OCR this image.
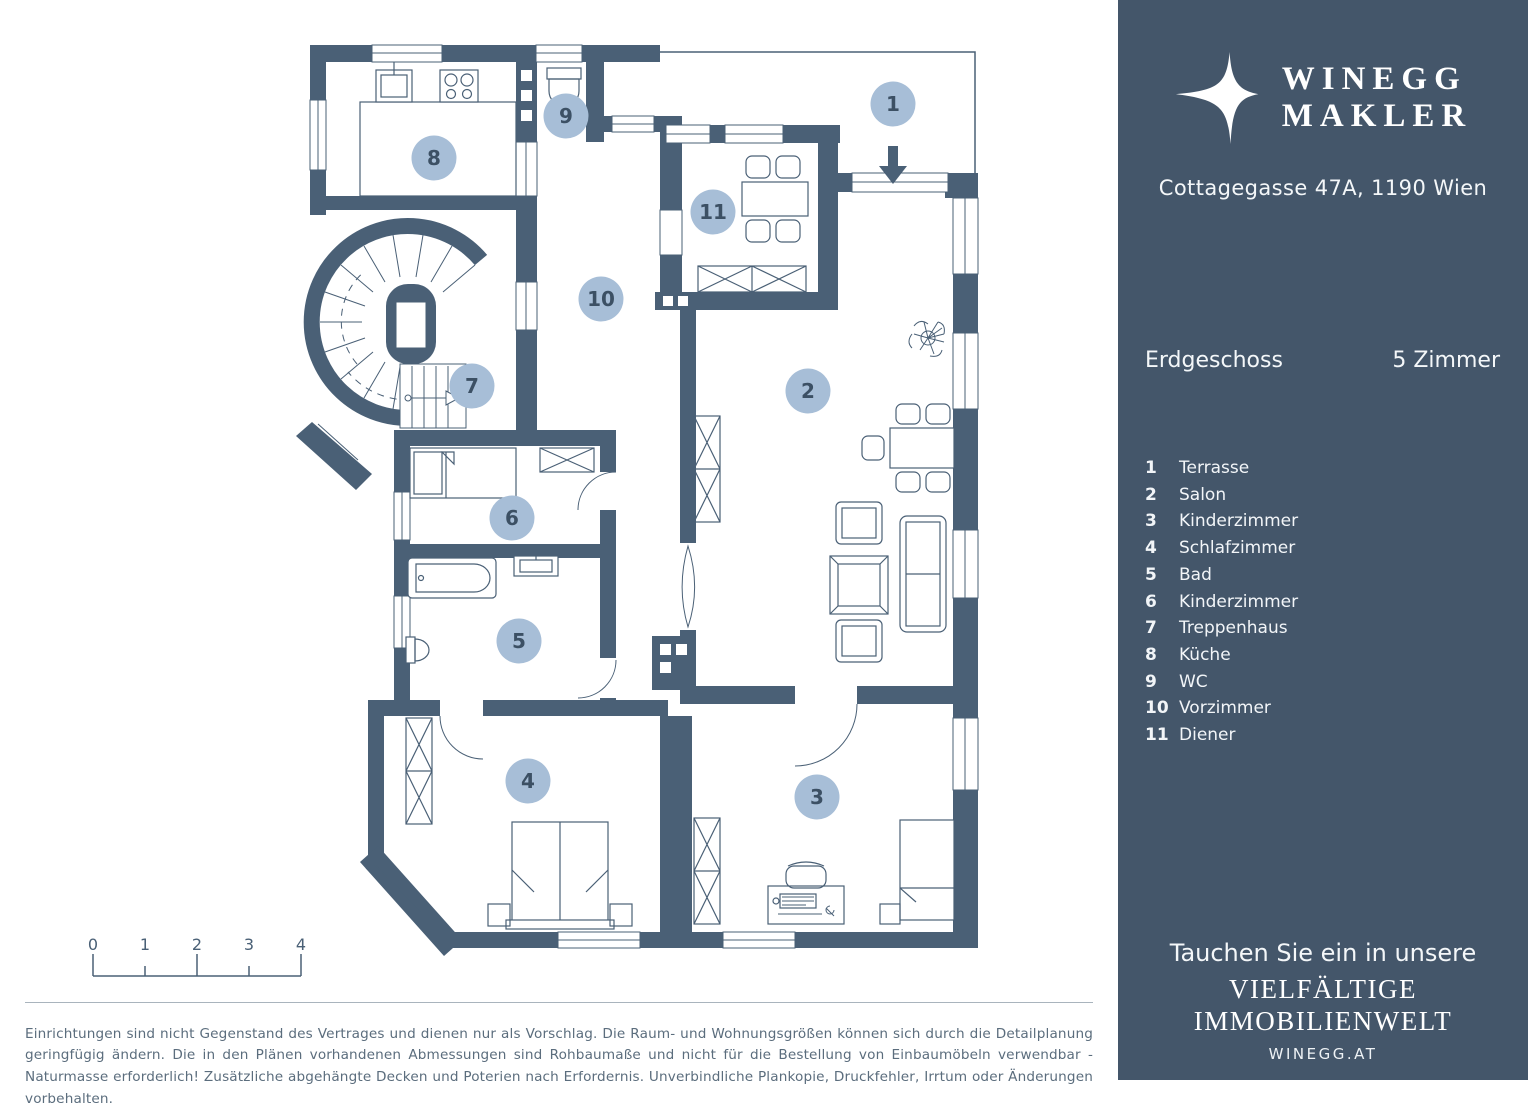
1
2
3
4
5
6
7
8
9
10
11
0	1	2	3	4

Einrichtungen sind nicht Gegenstand des Vertrages und dienen nur als Vorschlag. Die Raum- und Wohnungsgrößen können sich durch die Detailplanung geringfügig ändern. Die in den Plänen vorhandenen Abmessungen sind Rohbaumaße und nicht für die Bestellung von Einbaumöbeln verwendbar - Naturmasse erforderlich! Zusätzliche abgehängte Decken und Poterien nach Erfordernis. Unverbindliche Plankopie, Druckfehler, Irrtum oder Änderungen vorbehalten.

WINEGG
MAKLER
Cottagegasse 47A, 1190 Wien
Erdgeschoss	5 Zimmer
1	Terrasse
2	Salon
3	Kinderzimmer
4	Schlafzimmer
5	Bad
6	Kinderzimmer
7	Treppenhaus
8	Küche
9	WC
10 Vorzimmer
11 Diener
Tauchen Sie ein in unsere
VIELFÄLTIGE
IMMOBILIENWELT
WINEGG.AT
